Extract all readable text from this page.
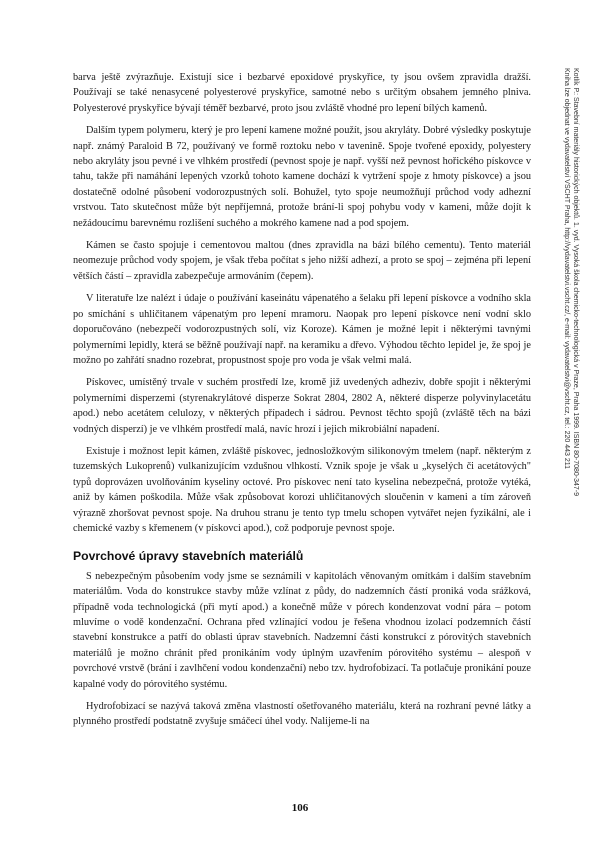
barva ještě zvýrazňuje. Existují sice i bezbarvé epoxidové pryskyřice, ty jsou ovšem zpravidla dražší. Používají se také nenasycené polyesterové pryskyřice, samotné nebo s určitým obsahem jemného plniva. Polyesterové pryskyřice bývají téměř bezbarvé, proto jsou zvláště vhodné pro lepení bílých kamenů.

Dalším typem polymeru, který je pro lepení kamene možné použít, jsou akryláty. Dobré výsledky poskytuje např. známý Paraloid B 72, používaný ve formě roztoku nebo v tavenině. Spoje tvořené epoxidy, polyestery nebo akryláty jsou pevné i ve vlhkém prostředí (pevnost spoje je např. vyšší než pevnost hořického pískovce v tahu, takže při namáhání lepených vzorků tohoto kamene dochází k vytržení spoje z hmoty pískovce) a jsou dostatečně odolné působení vodorozpustných solí. Bohužel, tyto spoje neumožňují průchod vody adhezní vrstvou. Tato skutečnost může být nepříjemná, protože brání-li spoj pohybu vody v kameni, může dojít k nežádoucímu barevnému rozlišení suchého a mokrého kamene nad a pod spojem.

Kámen se často spojuje i cementovou maltou (dnes zpravidla na bázi bílého cementu). Tento materiál neomezuje průchod vody spojem, je však třeba počítat s jeho nižší adhezí, a proto se spoj – zejména při lepení větších částí – zpravidla zabezpečuje armováním (čepem).

V literatuře lze nalézt i údaje o používání kaseinátu vápenatého a šelaku při lepení pískovce a vodního skla po smíchání s uhličitanem vápenatým pro lepení mramoru. Naopak pro lepení pískovce není vodní sklo doporučováno (nebezpečí vodorozpustných solí, viz Koroze). Kámen je možné lepit i některými tavnými polymerními lepidly, která se běžně používají např. na keramiku a dřevo. Výhodou těchto lepidel je, že spoj je možno po zahřátí snadno rozebrat, propustnost spoje pro voda je však velmi malá.

Pískovec, umístěný trvale v suchém prostředí lze, kromě již uvedených adheziv, dobře spojit i některými polymerními disperzemi (styrenakrylátové disperze Sokrat 2804, 2802 A, některé disperze polyvinylacetátu apod.) nebo acetátem celulozy, v některých případech i sádrou. Pevnost těchto spojů (zvláště těch na bázi vodných disperzí) je ve vlhkém prostředí malá, navíc hrozí i jejich mikrobiální napadení.

Existuje i možnost lepit kámen, zvláště pískovec, jednosložkovým silikonovým tmelem (např. některým z tuzemských Lukoprenů) vulkanizujícím vzdušnou vlhkostí. Vznik spoje je však u „kyselých či acetátových" typů doprovázen uvolňováním kyseliny octové. Pro pískovec není tato kyselina nebezpečná, protože vytéká, aniž by kámen poškodila. Může však způsobovat korozi uhličitanových sloučenin v kameni a tím zároveň výrazně zhoršovat pevnost spoje. Na druhou stranu je tento typ tmelu schopen vytvářet nejen fyzikální, ale i chemické vazby s křemenem (v pískovci apod.), což podporuje pevnost spoje.

Povrchové úpravy stavebních materiálů

S nebezpečným působením vody jsme se seznámili v kapitolách věnovaným omítkám i dalším stavebním materiálům. Voda do konstrukce stavby může vzlínat z půdy, do nadzemních částí proniká voda srážková, případně voda technologická (při mytí apod.) a konečně může v pórech kondenzovat vodní pára – potom mluvíme o vodě kondenzační. Ochrana před vzlínající vodou je řešena vhodnou izolací podzemních částí stavební konstrukce a patří do oblasti úprav stavebních. Nadzemní části konstrukcí z pórovitých stavebních materiálů je možno chránit před pronikáním vody úplným uzavřením pórovitého systému – alespoň v povrchové vrstvě (brání i zavlhčení vodou kondenzační) nebo tzv. hydrofobizací. Ta potlačuje pronikání pouze kapalné vody do pórovitého systému.

Hydrofobizací se nazývá taková změna vlastností ošetřovaného materiálu, která na rozhraní pevné látky a plynného prostředí podstatně zvyšuje smáčecí úhel vody. Nalijeme-li na

Kotlík P.: Stavební materiály historických objektů. 1. vyd. Vysoká škola chemicko-technologická v Praze, Praha 1999. ISBN 80-7080-347-9
Kniha lze objednat ve vydavatelství VŠCHT Praha, http://vydavatelstvi.vscht.cz/, e-mail: vydavatelstvi@vscht.cz, tel.: 220 443 211
106
